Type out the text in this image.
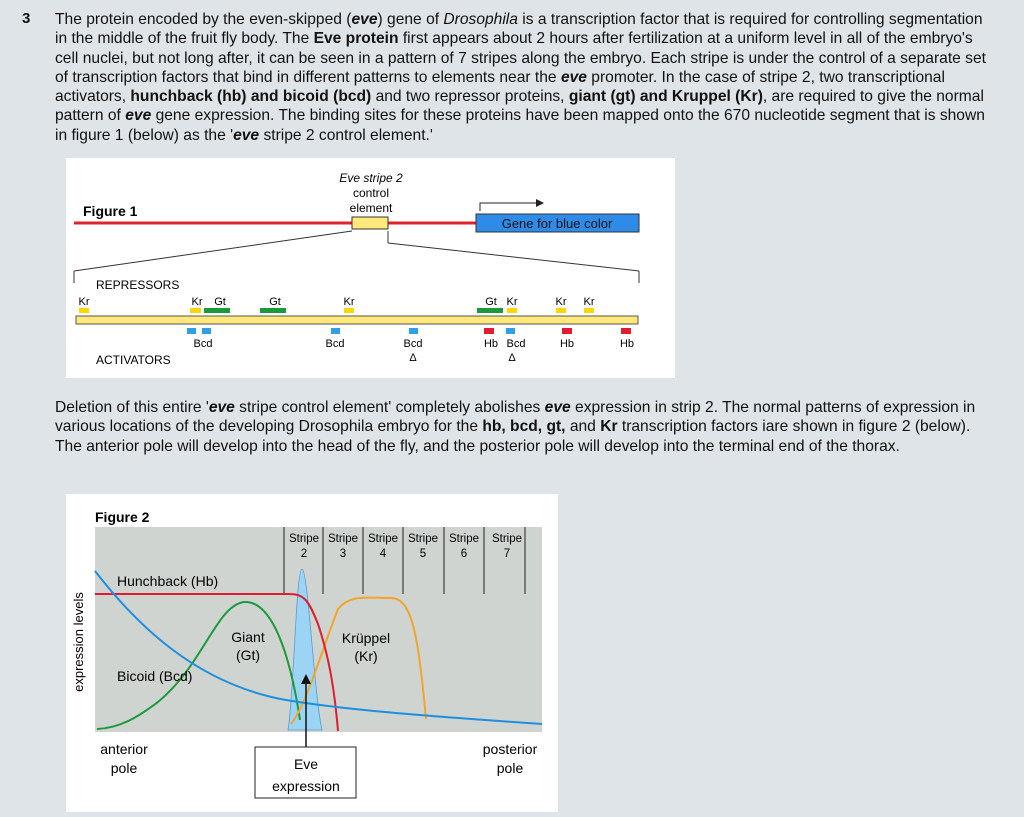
3 The protein encoded by the even-skipped (eve) gene of Drosophila is a transcription factor that is required for controlling segmentation in the middle of the fruit fly body. The Eve protein first appears about 2 hours after fertilization at a uniform level in all of the embryo's cell nuclei, but not long after, it can be seen in a pattern of 7 stripes along the embryo. Each stripe is under the control of a separate set of transcription factors that bind in different patterns to elements near the eve promoter. In the case of stripe 2, two transcriptional activators, hunchback (hb) and bicoid (bcd) and two repressor proteins, giant (gt) and Kruppel (Kr), are required to give the normal pattern of eve gene expression. The binding sites for these proteins have been mapped onto the 670 nucleotide segment that is shown in figure 1 (below) as the 'eve stripe 2 control element.'
Figure 1
Eve stripe 2
control
element
Gene for blue color
REPRESSORS
ACTIVATORS
Kr	Kr Gt	Gt	Kr	Gt Kr	Kr Kr
Bcd	Bcd	Bcd
Δ
Hb Bcd
Δ
Hb	Hb
Deletion of this entire 'eve stripe control element' completely abolishes eve expression in strip 2. The normal patterns of expression in various locations of the developing Drosophila embryo for the hb, bcd, gt, and Kr transcription factors iare shown in figure 2 (below). The anterior pole will develop into the head of the fly, and the posterior pole will develop into the terminal end of the thorax.
Figure 2
expression levels
Stripe
2
Stripe
3
Stripe
4
Stripe
5
Stripe
6
Stripe
7
Hunchback (Hb)
Giant
(Gt)
Krüppel
(Kr)
Bicoid (Bcd)
Eve
expression
anterior
pole
posterior
pole
